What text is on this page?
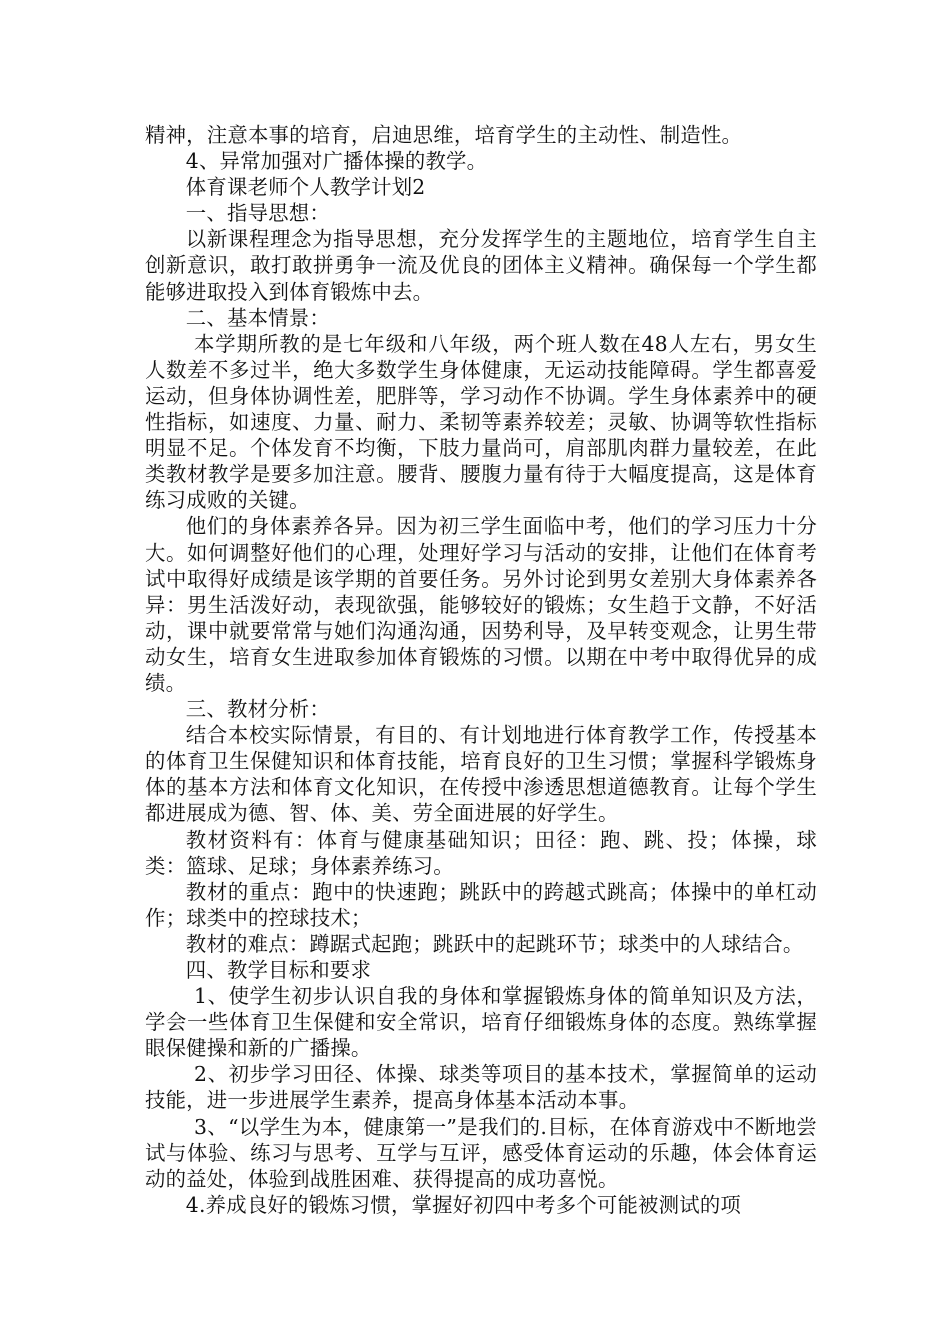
精神，注意本事的培育，启迪思维，培育学生的主动性、制造性。

4、异常加强对广播体操的教学。

体育课老师个人教学计划2

一、指导思想：

以新课程理念为指导思想，充分发挥学生的主题地位，培育学生自主创新意识，敢打敢拼勇争一流及优良的团体主义精神。确保每一个学生都能够进取投入到体育锻炼中去。

二、基本情景：

本学期所教的是七年级和八年级，两个班人数在48人左右，男女生人数差不多过半，绝大多数学生身体健康，无运动技能障碍。学生都喜爱运动，但身体协调性差，肥胖等，学习动作不协调。学生身体素养中的硬性指标，如速度、力量、耐力、柔韧等素养较差；灵敏、协调等软性指标明显不足。个体发育不均衡，下肢力量尚可，肩部肌肉群力量较差，在此类教材教学是要多加注意。腰背、腰腹力量有待于大幅度提高，这是体育练习成败的关键。

他们的身体素养各异。因为初三学生面临中考，他们的学习压力十分大。如何调整好他们的心理，处理好学习与活动的安排，让他们在体育考试中取得好成绩是该学期的首要任务。另外讨论到男女差别大身体素养各异：男生活泼好动，表现欲强，能够较好的锻炼；女生趋于文静，不好活动，课中就要常常与她们沟通沟通，因势利导，及早转变观念，让男生带动女生，培育女生进取参加体育锻炼的习惯。以期在中考中取得优异的成绩。

三、教材分析：

结合本校实际情景，有目的、有计划地进行体育教学工作，传授基本的体育卫生保健知识和体育技能，培育良好的卫生习惯；掌握科学锻炼身体的基本方法和体育文化知识，在传授中渗透思想道德教育。让每个学生都进展成为德、智、体、美、劳全面进展的好学生。

教材资料有：体育与健康基础知识；田径：跑、跳、投；体操，球类：篮球、足球；身体素养练习。

教材的重点：跑中的快速跑；跳跃中的跨越式跳高；体操中的单杠动作；球类中的控球技术；

教材的难点：蹲踞式起跑；跳跃中的起跳环节；球类中的人球结合。

四、教学目标和要求

1、使学生初步认识自我的身体和掌握锻炼身体的简单知识及方法，学会一些体育卫生保健和安全常识，培育仔细锻炼身体的态度。熟练掌握眼保健操和新的广播操。

2、初步学习田径、体操、球类等项目的基本技术，掌握简单的运动技能，进一步进展学生素养，提高身体基本活动本事。

3、“以学生为本，健康第一”是我们的.目标，在体育游戏中不断地尝试与体验、练习与思考、互学与互评，感受体育运动的乐趣，体会体育运动的益处，体验到战胜困难、获得提高的成功喜悦。

4.养成良好的锻炼习惯，掌握好初四中考多个可能被测试的项
